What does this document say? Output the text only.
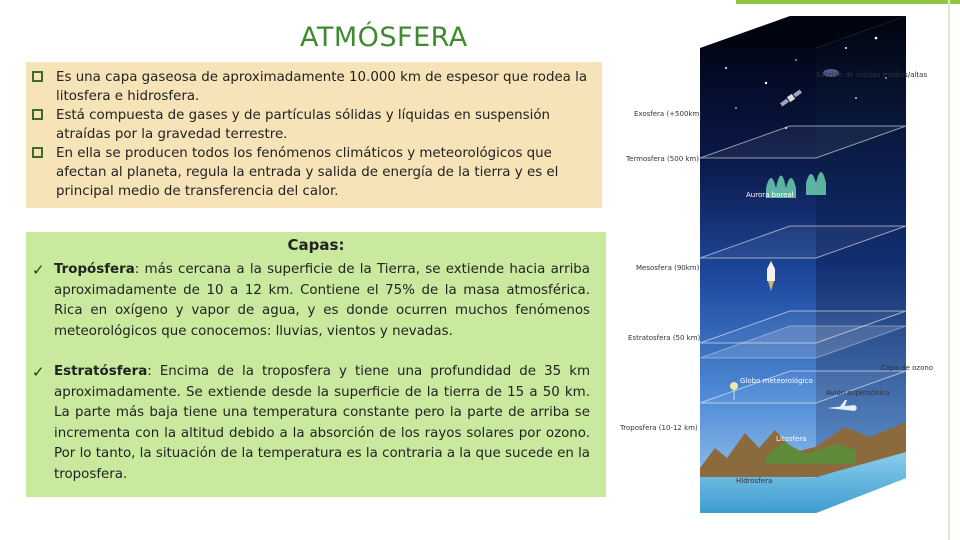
ATMÓSFERA
Es una capa gaseosa de aproximadamente 10.000 km de espesor que rodea la litosfera e hidrosfera.
Está compuesta de gases y de partículas sólidas y líquidas en suspensión atraídas por la gravedad terrestre.
En ella se producen todos los fenómenos climáticos y meteorológicos que afectan al planeta, regula la entrada y salida de energía de la tierra y es el principal medio de transferencia del calor.
Capas:
✓ Tropósfera: más cercana a la superficie de la Tierra, se extiende hacia arriba aproximadamente de 10 a 12 km. Contiene el 75% de la masa atmosférica. Rica en oxígeno y vapor de agua, y es donde ocurren muchos fenómenos meteorológicos que conocemos: lluvias, vientos y nevadas.
✓ Estratósfera: Encima de la troposfera y tiene una profundidad de 35 km aproximadamente. Se extiende desde la superficie de la tierra de 15 a 50 km. La parte más baja tiene una temperatura constante pero la parte de arriba se incrementa con la altitud debido a la absorción de los rayos solares por ozono. Por lo tanto, la situación de la temperatura es la contraria a la que sucede en la troposfera.
Satélite de órbitas medias/altas
Exosfera (+500km)
Termosfera (500 km)
Aurora boreal
Mesosfera (90km)
Estratosfera (50 km)
Capa de ozono
Globo meteorológico
Avión supersónico
Troposfera (10-12 km)
Litosfera
Hidrosfera
